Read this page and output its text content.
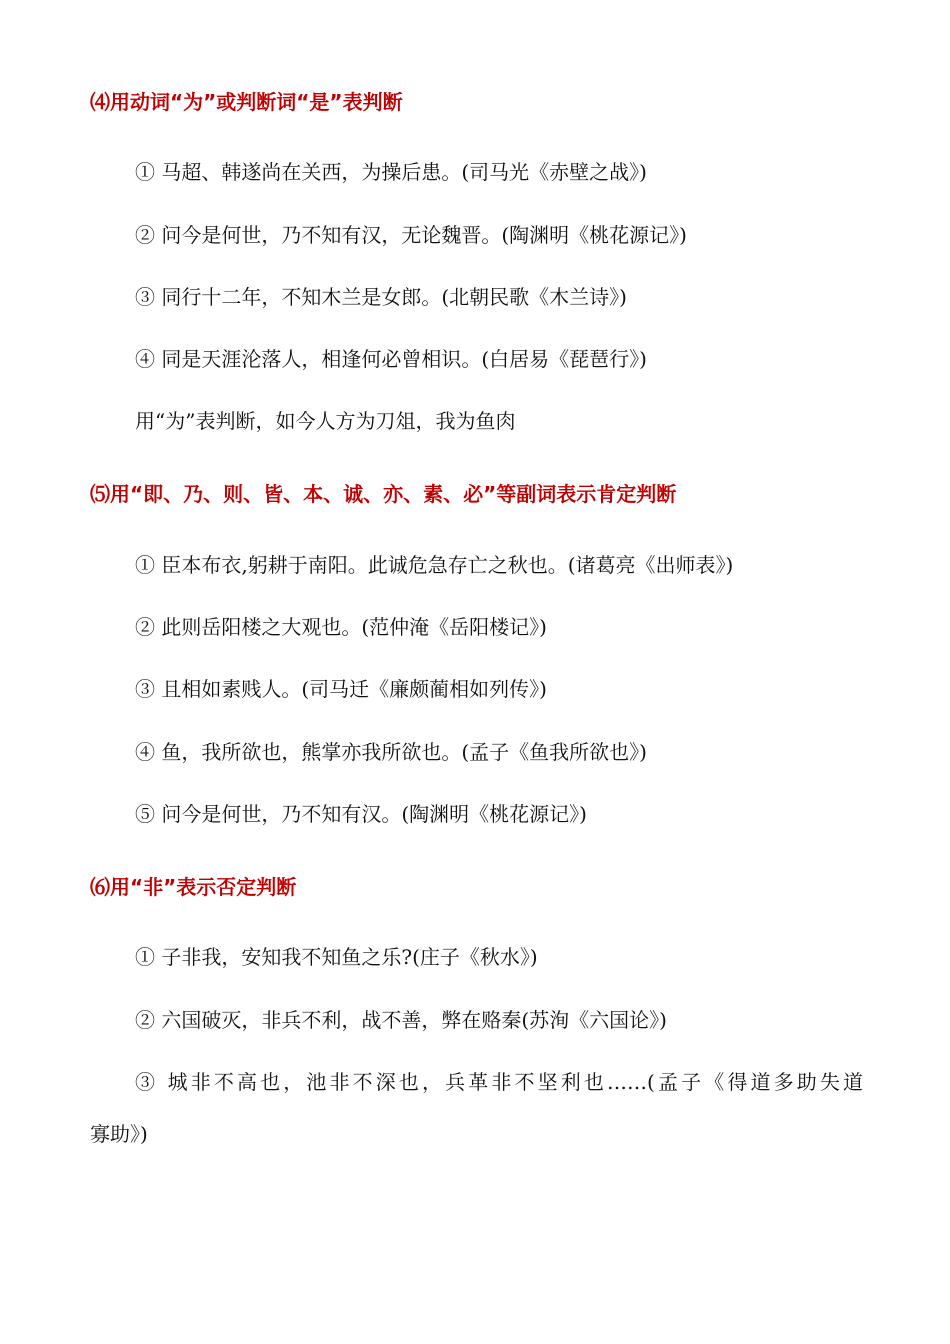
⑷用动词“为”或判断词“是”表判断

① 马超、韩遂尚在关西，为操后患。(司马光《赤壁之战》)

② 问今是何世，乃不知有汉，无论魏晋。(陶渊明《桃花源记》)

③ 同行十二年，不知木兰是女郎。(北朝民歌《木兰诗》)

④ 同是天涯沦落人，相逢何必曾相识。(白居易《琵琶行》)

用“为”表判断，如今人方为刀俎，我为鱼肉

⑸用“即、乃、则、皆、本、诚、亦、素、必”等副词表示肯定判断

① 臣本布衣,躬耕于南阳。此诚危急存亡之秋也。(诸葛亮《出师表》)

② 此则岳阳楼之大观也。(范仲淹《岳阳楼记》)

③ 且相如素贱人。(司马迁《廉颇蔺相如列传》)

④ 鱼，我所欲也，熊掌亦我所欲也。(孟子《鱼我所欲也》)

⑤ 问今是何世，乃不知有汉。(陶渊明《桃花源记》)

⑹用“非”表示否定判断

① 子非我，安知我不知鱼之乐?(庄子《秋水》)

② 六国破灭，非兵不利，战不善，弊在赂秦(苏洵《六国论》)

③ 城非不高也，池非不深也，兵革非不坚利也……(孟子《得道多助失道

寡助》)
